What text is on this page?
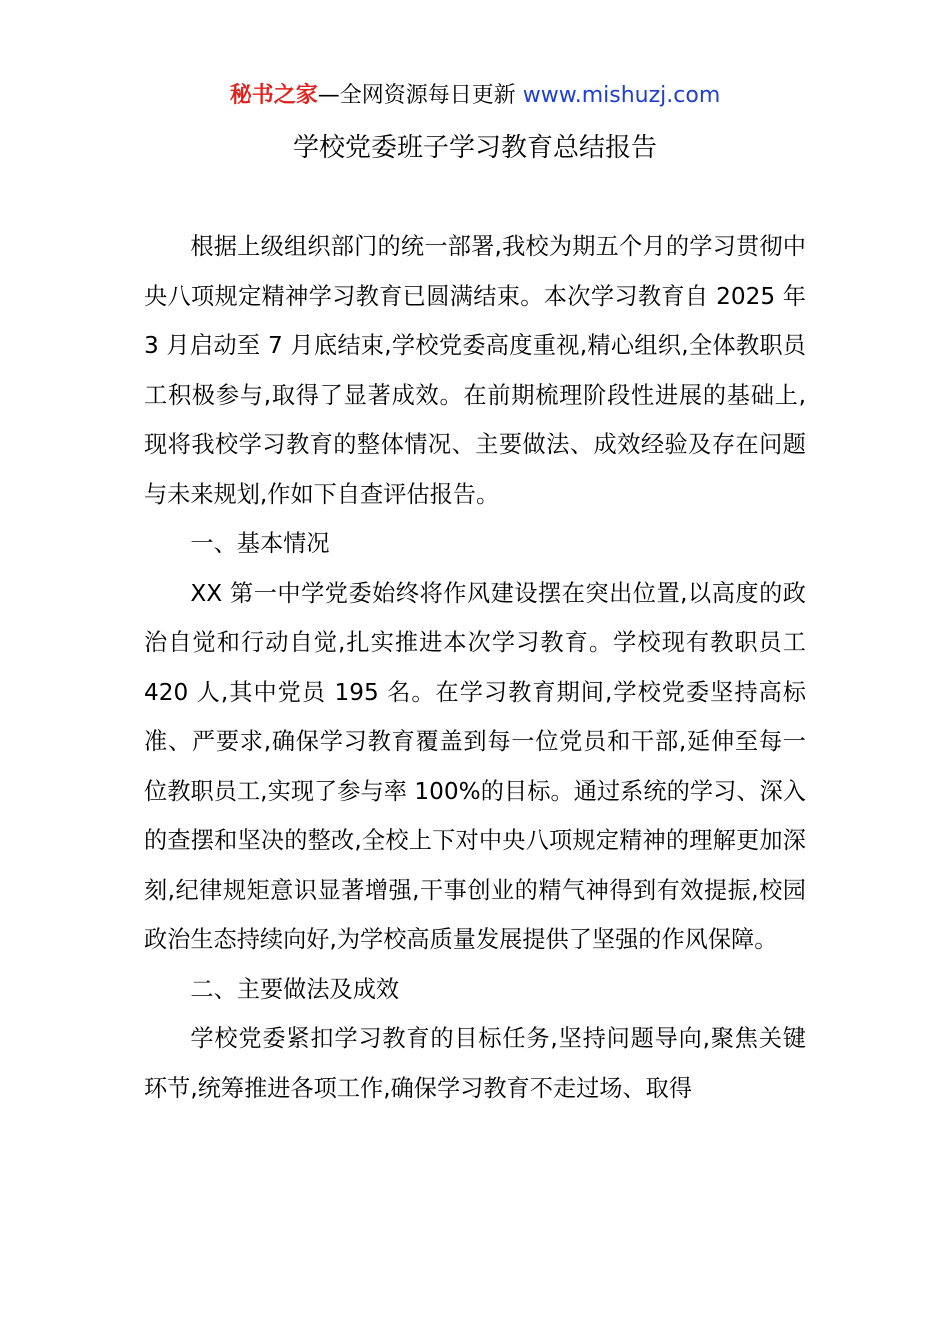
秘书之家—全网资源每日更新 www.mishuzj.com
学校党委班子学习教育总结报告

根据上级组织部门的统一部署,我校为期五个月的学习贯彻中央八项规定精神学习教育已圆满结束。本次学习教育自 2025 年 3 月启动至 7 月底结束,学校党委高度重视,精心组织,全体教职员工积极参与,取得了显著成效。在前期梳理阶段性进展的基础上,现将我校学习教育的整体情况、主要做法、成效经验及存在问题与未来规划,作如下自查评估报告。

一、基本情况

XX 第一中学党委始终将作风建设摆在突出位置,以高度的政治自觉和行动自觉,扎实推进本次学习教育。学校现有教职员工 420 人,其中党员 195 名。在学习教育期间,学校党委坚持高标准、严要求,确保学习教育覆盖到每一位党员和干部,延伸至每一位教职员工,实现了参与率 100%的目标。通过系统的学习、深入的查摆和坚决的整改,全校上下对中央八项规定精神的理解更加深刻,纪律规矩意识显著增强,干事创业的精气神得到有效提振,校园政治生态持续向好,为学校高质量发展提供了坚强的作风保障。

二、主要做法及成效

学校党委紧扣学习教育的目标任务,坚持问题导向,聚焦关键环节,统筹推进各项工作,确保学习教育不走过场、取得
